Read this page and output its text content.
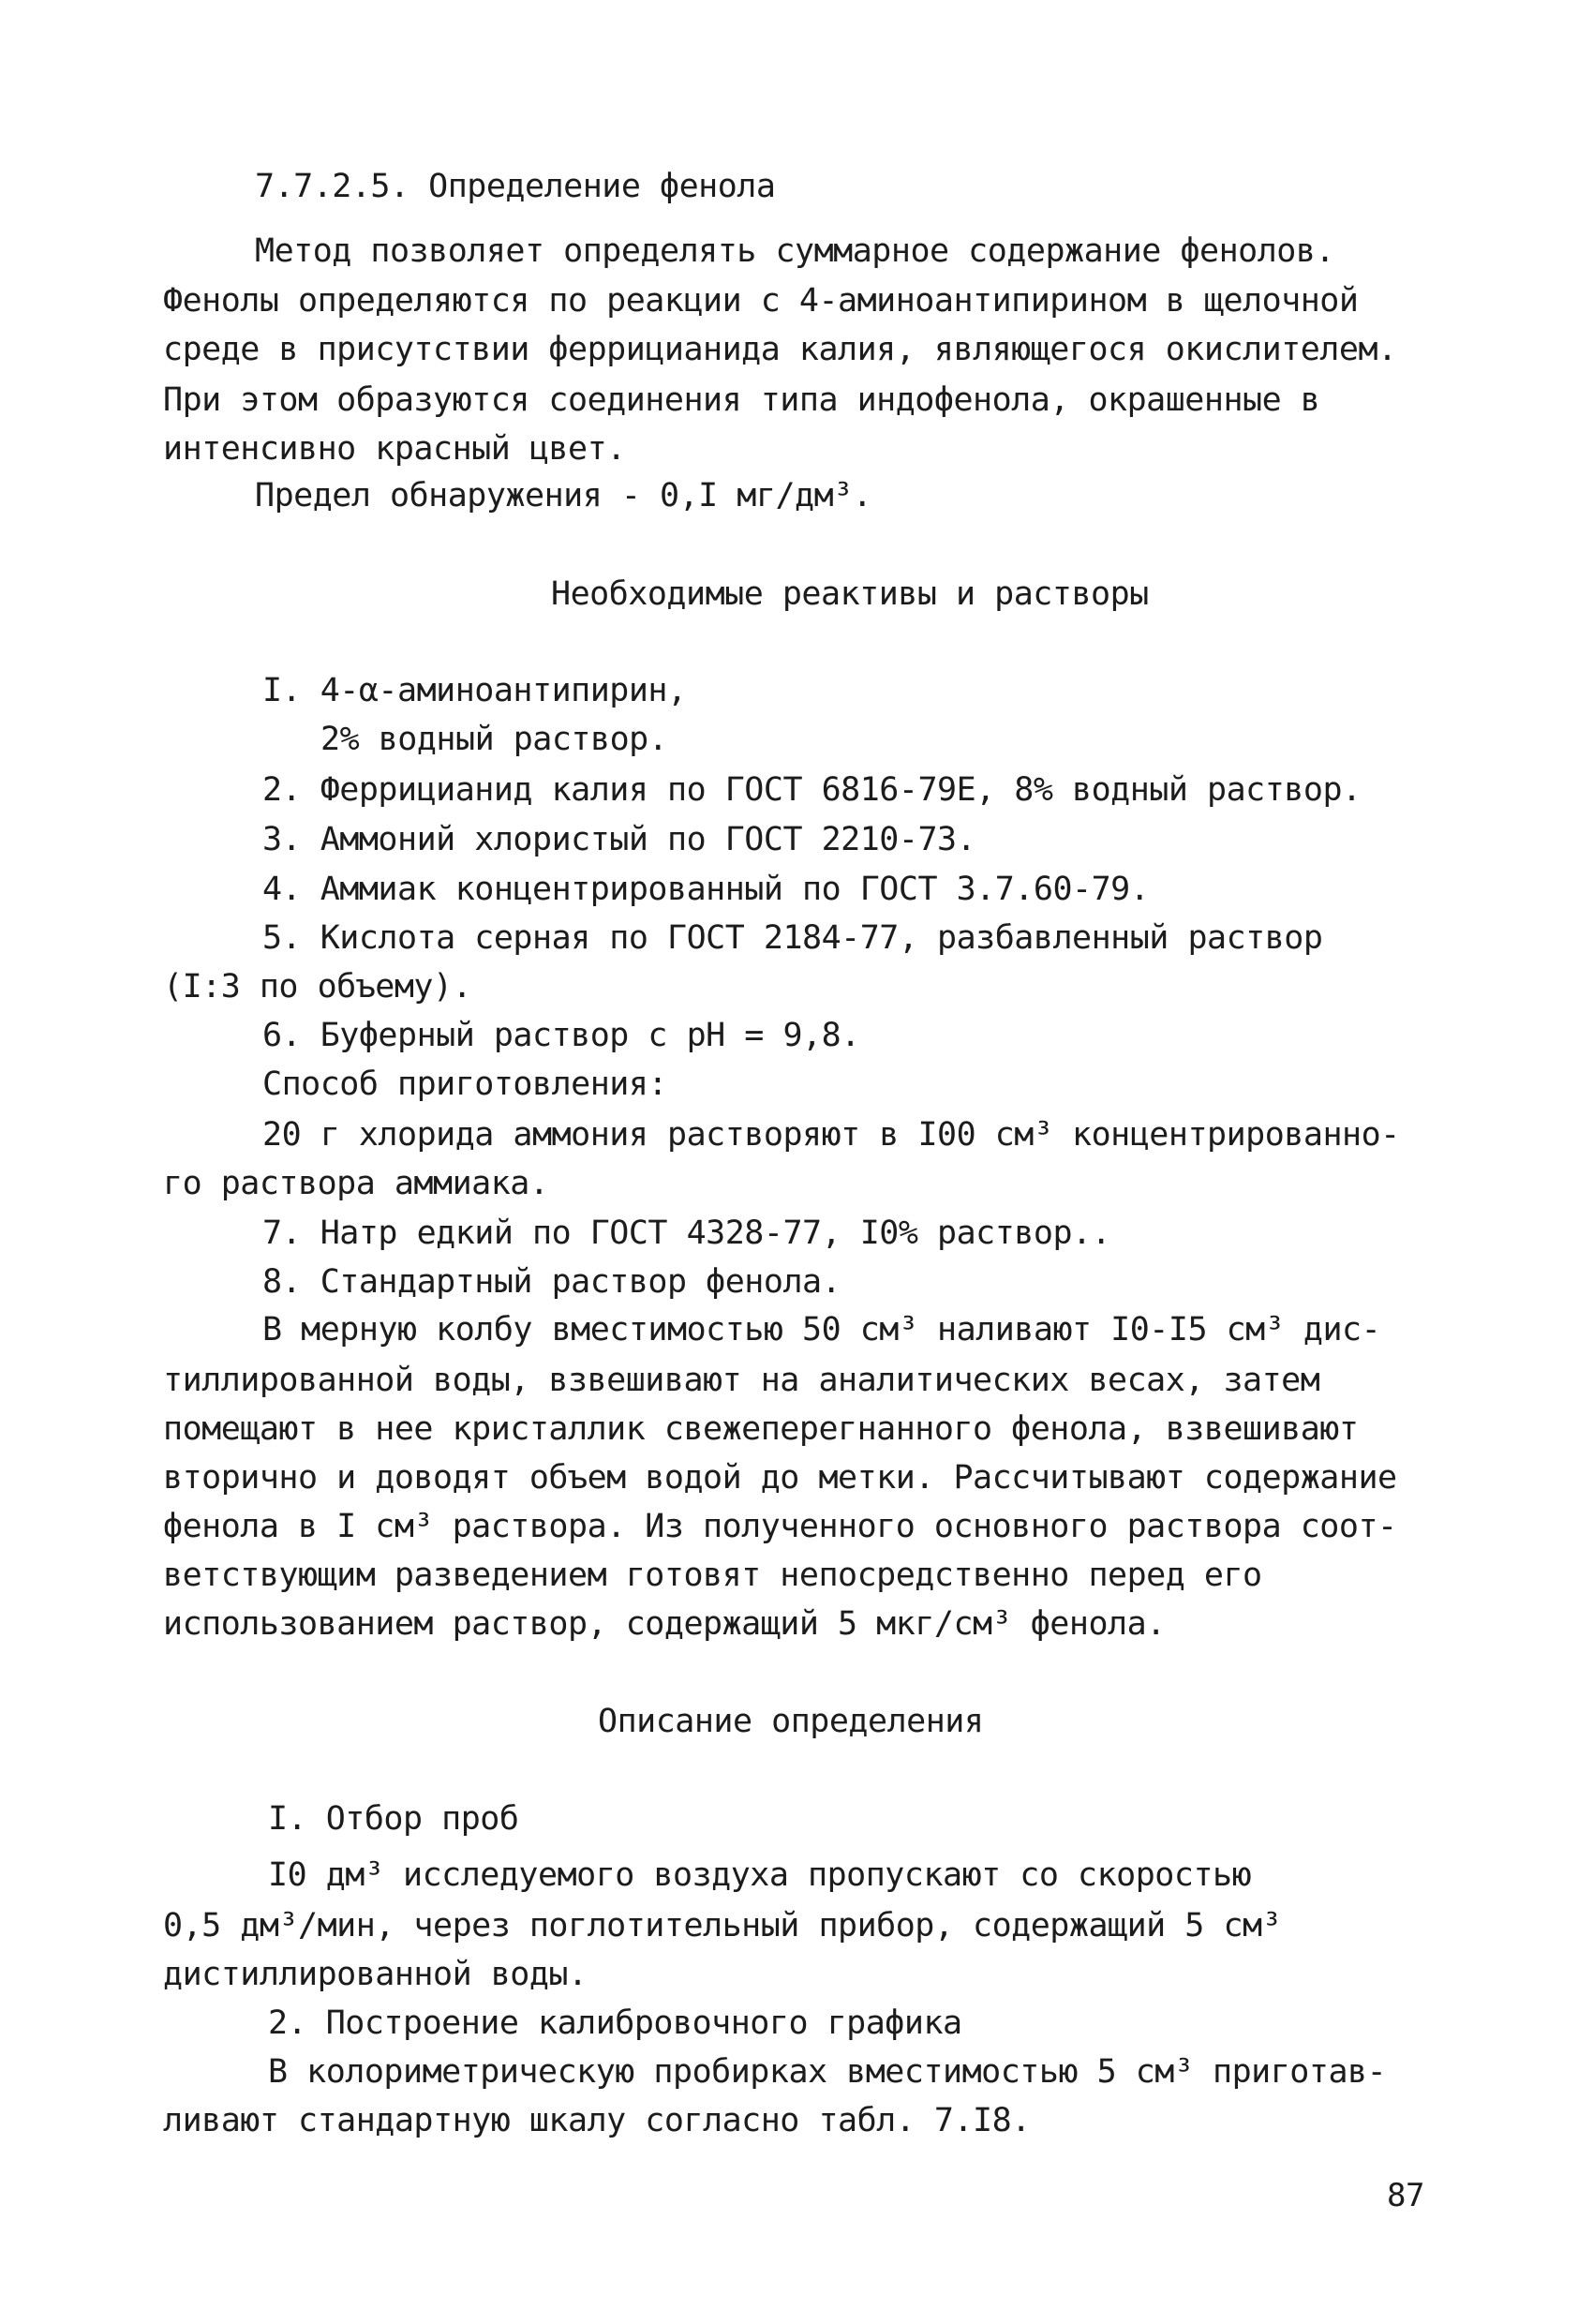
7.7.2.5. Определение фенола

Метод позволяет определять суммарное содержание фенолов.

Фенолы определяются по реакции с 4-аминоантипирином в щелочной

среде в присутствии феррицианида калия, являющегося окислителем.

При этом образуются соединения типа индофенола, окрашенные в

интенсивно красный цвет.

Предел обнаружения - 0,I мг/дм³.

Необходимые реактивы и растворы

I. 4-α-аминоантипирин,

2% водный раствор.

2. Феррицианид калия по ГОСТ 6816-79Е, 8% водный раствор.

3. Аммоний хлористый по ГОСТ 2210-73.

4. Аммиак концентрированный по ГОСТ 3.7.60-79.

5. Кислота серная по ГОСТ 2184-77, разбавленный раствор

(I:3 по объему).

6. Буферный раствор с pH = 9,8.

Способ приготовления:

20 г хлорида аммония растворяют в I00 см³ концентрированно-

го раствора аммиака.

7. Натр едкий по ГОСТ 4328-77, I0% раствор..

8. Стандартный раствор фенола.

В мерную колбу вместимостью 50 см³ наливают I0-I5 см³ дис-

тиллированной воды, взвешивают на аналитических весах, затем

помещают в нее кристаллик свежеперегнанного фенола, взвешивают

вторично и доводят объем водой до метки. Рассчитывают содержание

фенола в I см³ раствора. Из полученного основного раствора соот-

ветствующим разведением готовят непосредственно перед его

использованием раствор, содержащий 5 мкг/см³ фенола.

Описание определения

I. Отбор проб

I0 дм³ исследуемого воздуха пропускают со скоростью

0,5 дм³/мин, через поглотительный прибор, содержащий 5 см³

дистиллированной воды.

2. Построение калибровочного графика

В колориметрическую пробирках вместимостью 5 см³ приготав-

ливают стандартную шкалу согласно табл. 7.I8.

87
